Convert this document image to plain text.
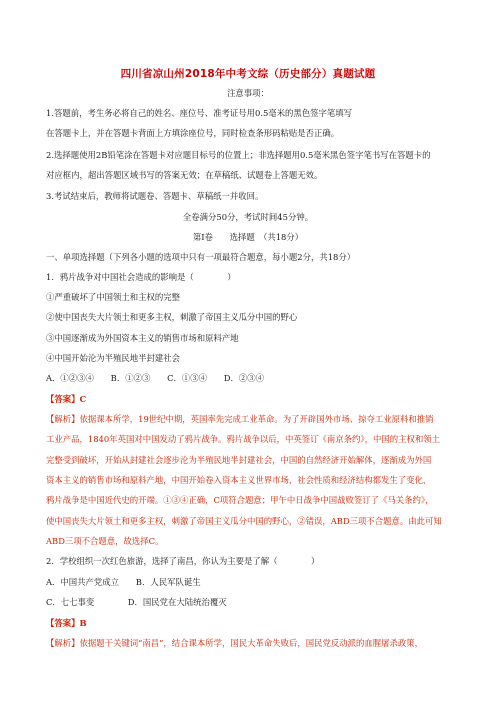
四川省凉山州2018年中考文综（历史部分）真题试题
注意事项：
1.答题前，考生务必将自己的姓名、座位号、准考证号用0.5毫米的黑色签字笔填写
在答题卡上，并在答题卡背面上方填涂座位号，同时检查条形码粘贴是否正确。
2.选择题使用2B铅笔涂在答题卡对应题目标号的位置上；非选择题用0.5毫米黑色签字笔书写在答题卡的
对应框内，超出答题区域书写的答案无效；在草稿纸、试题卷上答题无效。
3.考试结束后，教师将试题卷、答题卡、草稿纸一并收回。
全卷满分50分，考试时间45分钟。
第Ⅰ卷　　选择题　（共18分）
一、单项选择题（下列各小题的选项中只有一项最符合题意，每小题2分，共18分）
1．鸦片战争对中国社会造成的影响是（　　　　）
①严重破坏了中国领土和主权的完整
②使中国丧失大片领土和更多主权，刺激了帝国主义瓜分中国的野心
③中国逐渐成为外国资本主义的销售市场和原料产地
④中国开始沦为半殖民地半封建社会
A．①②③④　　B．①②③　　C．①③④　　D．②③④
【答案】C
【解析】依据课本所学，19世纪中期，英国率先完成工业革命。为了开辟国外市场、掠夺工业原料和推销
工业产品，1840年英国对中国发动了鸦片战争。鸦片战争以后，中英签订《南京条约》，中国的主权和领土
完整受到破坏，开始从封建社会逐步沦为半殖民地半封建社会，中国的自然经济开始解体，逐渐成为外国
资本主义的销售市场和原料产地，中国开始卷入资本主义世界市场，社会性质和经济结构都发生了变化，
鸦片战争是中国近代史的开端。①③④正确，C项符合题意；甲午中日战争中国战败签订了《马关条约》，
使中国丧失大片领土和更多主权，刺激了帝国主义瓜分中国的野心，②错误，ABD三项不合题意。由此可知
ABD三项不合题意，故选择C。
2．学校组织一次红色旅游，选择了南昌，你认为主要是了解（　　　　）
A．中国共产党成立　　B．人民军队诞生
C．七七事变　　　　D．国民党在大陆统治覆灭
【答案】B
【解析】依据题干关键词“南昌”，结合课本所学，国民大革命失败后，国民党反动派的血腥屠杀政策，
